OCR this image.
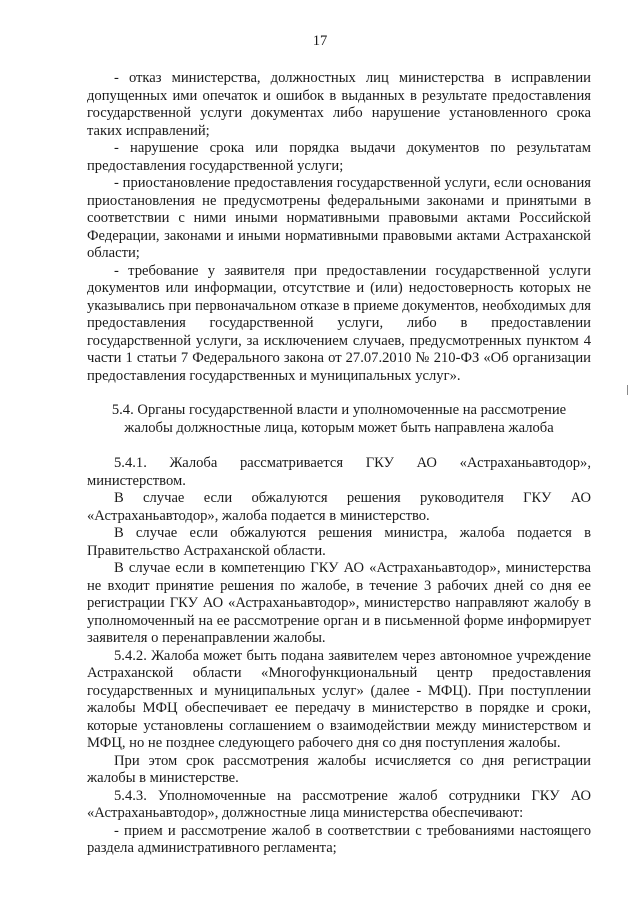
17

- отказ министерства, должностных лиц министерства в исправлении допущенных ими опечаток и ошибок в выданных в результате предоставления государственной услуги документах либо нарушение установленного срока таких исправлений;

- нарушение срока или порядка выдачи документов по результатам предоставления государственной услуги;

- приостановление предоставления государственной услуги, если основания приостановления не предусмотрены федеральными законами и принятыми в соответствии с ними иными нормативными правовыми актами Российской Федерации, законами и иными нормативными правовыми актами Астраханской области;

- требование у заявителя при предоставлении государственной услуги документов или информации, отсутствие и (или) недостоверность которых не указывались при первоначальном отказе в приеме документов, необходимых для предоставления государственной услуги, либо в предоставлении государственной услуги, за исключением случаев, предусмотренных пунктом 4 части 1 статьи 7 Федерального закона от 27.07.2010 № 210-ФЗ «Об организации предоставления государственных и муниципальных услуг».

5.4. Органы государственной власти и уполномоченные на рассмотрение жалобы должностные лица, которым может быть направлена жалоба

5.4.1. Жалоба рассматривается ГКУ АО «Астраханьавтодор», министерством.

В случае если обжалуются решения руководителя ГКУ АО «Астраханьавтодор», жалоба подается в министерство.

В случае если обжалуются решения министра, жалоба подается в Правительство Астраханской области.

В случае если в компетенцию ГКУ АО «Астраханьавтодор», министерства не входит принятие решения по жалобе, в течение 3 рабочих дней со дня ее регистрации ГКУ АО «Астраханьавтодор», министерство направляют жалобу в уполномоченный на ее рассмотрение орган и в письменной форме информирует заявителя о перенаправлении жалобы.

5.4.2. Жалоба может быть подана заявителем через автономное учреждение Астраханской области «Многофункциональный центр предоставления государственных и муниципальных услуг» (далее - МФЦ). При поступлении жалобы МФЦ обеспечивает ее передачу в министерство в порядке и сроки, которые установлены соглашением о взаимодействии между министерством и МФЦ, но не позднее следующего рабочего дня со дня поступления жалобы.

При этом срок рассмотрения жалобы исчисляется со дня регистрации жалобы в министерстве.

5.4.3. Уполномоченные на рассмотрение жалоб сотрудники ГКУ АО «Астраханьавтодор», должностные лица министерства обеспечивают:

- прием и рассмотрение жалоб в соответствии с требованиями настоящего раздела административного регламента;
